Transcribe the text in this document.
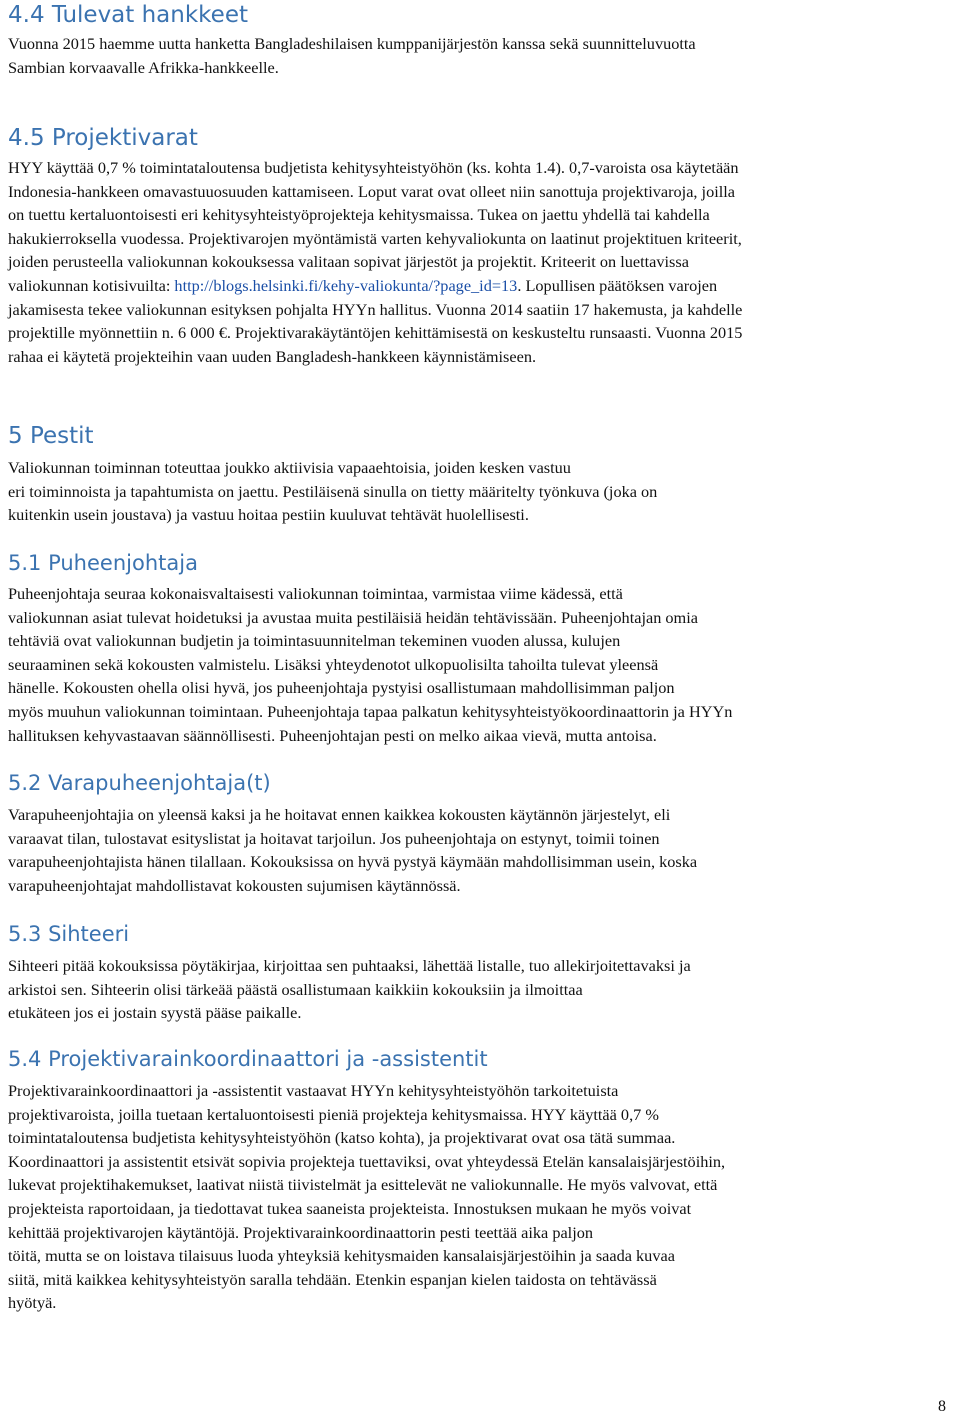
4.4 Tulevat hankkeet

Vuonna 2015 haemme uutta hanketta Bangladeshilaisen kumppanijärjestön kanssa sekä suunnitteluvuotta
Sambian korvaavalle Afrikka-hankkeelle.

4.5 Projektivarat

HYY käyttää 0,7 % toimintataloutensa budjetista kehitysyhteistyöhön (ks. kohta 1.4). 0,7-varoista osa käytetään
Indonesia-hankkeen omavastuuosuuden kattamiseen. Loput varat ovat olleet niin sanottuja projektivaroja, joilla
on tuettu kertaluontoisesti eri kehitysyhteistyöprojekteja kehitysmaissa. Tukea on jaettu yhdellä tai kahdella
hakukierroksella vuodessa. Projektivarojen myöntämistä varten kehyvaliokunta on laatinut projektituen kriteerit,
joiden perusteella valiokunnan kokouksessa valitaan sopivat järjestöt ja projektit. Kriteerit on luettavissa
valiokunnan kotisivuilta: http://blogs.helsinki.fi/kehy-valiokunta/?page_id=13. Lopullisen päätöksen varojen
jakamisesta tekee valiokunnan esityksen pohjalta HYYn hallitus. Vuonna 2014 saatiin 17 hakemusta, ja kahdelle
projektille myönnettiin n. 6 000 €. Projektivarakäytäntöjen kehittämisestä on keskusteltu runsaasti. Vuonna 2015
rahaa ei käytetä projekteihin vaan uuden Bangladesh-hankkeen käynnistämiseen.

5 Pestit

Valiokunnan toiminnan toteuttaa joukko aktiivisia vapaaehtoisia, joiden kesken vastuu
eri toiminnoista ja tapahtumista on jaettu. Pestiläisenä sinulla on tietty määritelty työnkuva (joka on
kuitenkin usein joustava) ja vastuu hoitaa pestiin kuuluvat tehtävät huolellisesti.

5.1 Puheenjohtaja

Puheenjohtaja seuraa kokonaisvaltaisesti valiokunnan toimintaa, varmistaa viime kädessä, että
valiokunnan asiat tulevat hoidetuksi ja avustaa muita pestiläisiä heidän tehtävissään. Puheenjohtajan omia
tehtäviä ovat valiokunnan budjetin ja toimintasuunnitelman tekeminen vuoden alussa, kulujen
seuraaminen sekä kokousten valmistelu. Lisäksi yhteydenotot ulkopuolisilta tahoilta tulevat yleensä
hänelle. Kokousten ohella olisi hyvä, jos puheenjohtaja pystyisi osallistumaan mahdollisimman paljon
myös muuhun valiokunnan toimintaan. Puheenjohtaja tapaa palkatun kehitysyhteistyökoordinaattorin ja HYYn
hallituksen kehyvastaavan säännöllisesti. Puheenjohtajan pesti on melko aikaa vievä, mutta antoisa.

5.2 Varapuheenjohtaja(t)

Varapuheenjohtajia on yleensä kaksi ja he hoitavat ennen kaikkea kokousten käytännön järjestelyt, eli
varaavat tilan, tulostavat esityslistat ja hoitavat tarjoilun. Jos puheenjohtaja on estynyt, toimii toinen
varapuheenjohtajista hänen tilallaan. Kokouksissa on hyvä pystyä käymään mahdollisimman usein, koska
varapuheenjohtajat mahdollistavat kokousten sujumisen käytännössä.

5.3 Sihteeri

Sihteeri pitää kokouksissa pöytäkirjaa, kirjoittaa sen puhtaaksi, lähettää listalle, tuo allekirjoitettavaksi ja
arkistoi sen. Sihteerin olisi tärkeää päästä osallistumaan kaikkiin kokouksiin ja ilmoittaa
etukäteen jos ei jostain syystä pääse paikalle.

5.4 Projektivarainkoordinaattori ja -assistentit

Projektivarainkoordinaattori ja -assistentit vastaavat HYYn kehitysyhteistyöhön tarkoitetuista
projektivaroista, joilla tuetaan kertaluontoisesti pieniä projekteja kehitysmaissa. HYY käyttää 0,7 %
toimintataloutensa budjetista kehitysyhteistyöhön (katso kohta), ja projektivarat ovat osa tätä summaa.
Koordinaattori ja assistentit etsivät sopivia projekteja tuettaviksi, ovat yhteydessä Etelän kansalaisjärjestöihin,
lukevat projektihakemukset, laativat niistä tiivistelmät ja esittelevät ne valiokunnalle. He myös valvovat, että
projekteista raportoidaan, ja tiedottavat tukea saaneista projekteista. Innostuksen mukaan he myös voivat
kehittää projektivarojen käytäntöjä. Projektivarainkoordinaattorin pesti teettää aika paljon
töitä, mutta se on loistava tilaisuus luoda yhteyksiä kehitysmaiden kansalaisjärjestöihin ja saada kuvaa
siitä, mitä kaikkea kehitysyhteistyön saralla tehdään. Etenkin espanjan kielen taidosta on tehtävässä
hyötyä.

8
